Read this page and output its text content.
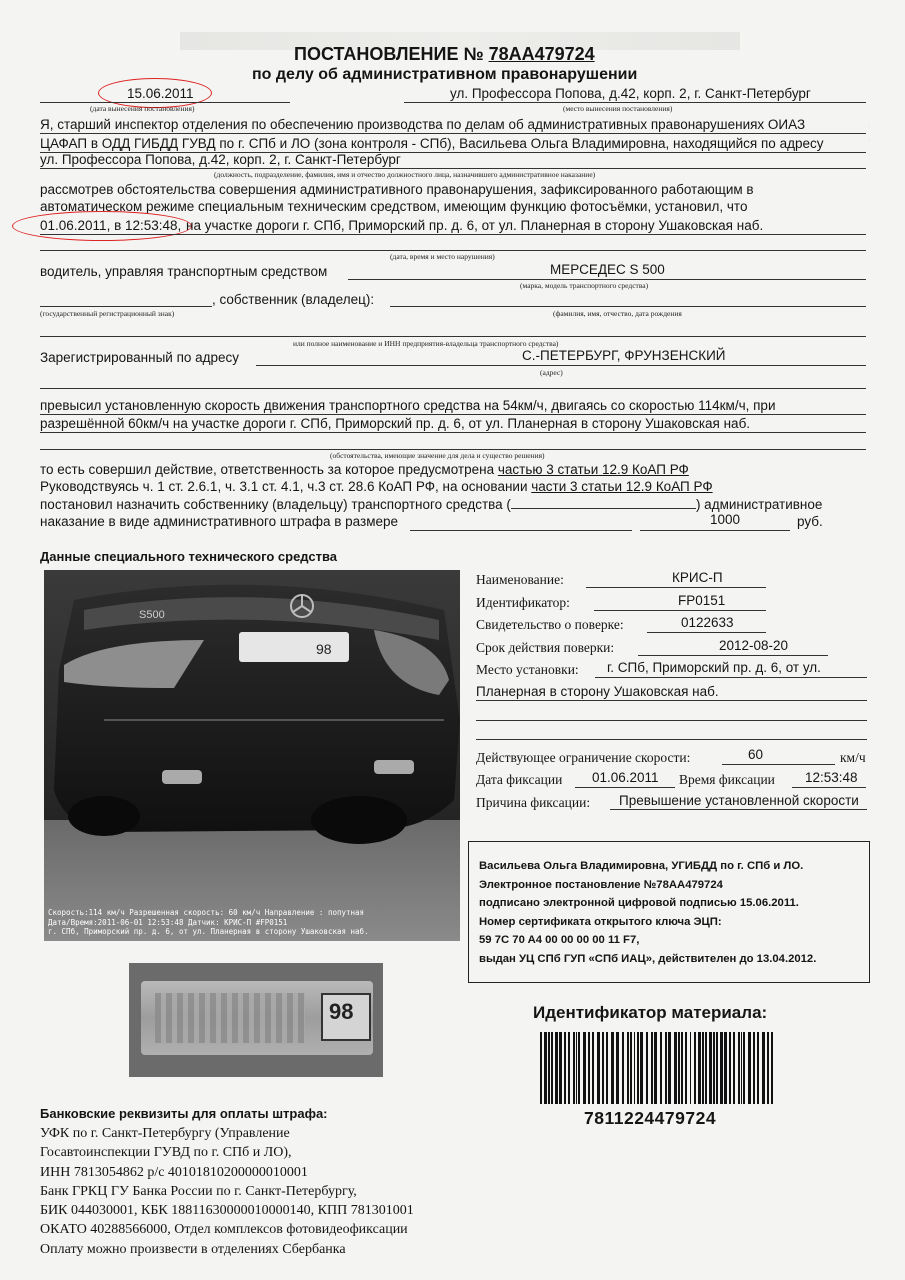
ПОСТАНОВЛЕНИЕ № 78АА479724
по делу об административном правонарушении
15.06.2011
(дата вынесения постановления)
ул. Профессора Попова, д.42, корп. 2, г. Санкт-Петербург
(место вынесения постановления)
Я, старший инспектор отделения по обеспечению производства по делам об административных правонарушениях ОИАЗ
ЦАФАП в ОДД ГИБДД ГУВД по г. СПб и ЛО (зона контроля - СПб), Васильева Ольга Владимировна, находящийся по адресу
ул. Профессора Попова, д.42, корп. 2, г. Санкт-Петербург
(должность, подразделение, фамилия, имя и отчество должностного лица, назначившего административное наказание)
рассмотрев обстоятельства совершения административного правонарушения, зафиксированного работающим в
автоматическом режиме специальным техническим средством, имеющим функцию фотосъёмки, установил, что
01.06.2011, в 12:53:48, на участке дороги г. СПб, Приморский пр. д. 6, от ул. Планерная в сторону Ушаковская наб.
(дата, время и место нарушения)
водитель, управляя транспортным средством	МЕРСЕДЕС S 500
(марка, модель транспортного средства)
, собственник (владелец):
(государственный регистрационный знак)	(фамилия, имя, отчество, дата рождения
или полное наименование и ИНН предприятия-владельца транспортного средства)
Зарегистрированный по адресу	С.-ПЕТЕРБУРГ, ФРУНЗЕНСКИЙ
(адрес)
превысил установленную скорость движения транспортного средства на 54км/ч, двигаясь со скоростью 114км/ч, при
разрешённой 60км/ч на участке дороги г. СПб, Приморский пр. д. 6, от ул. Планерная в сторону Ушаковская наб.
(обстоятельства, имеющие значение для дела и существо решения)
то есть совершил действие, ответственность за которое предусмотрена частью 3 статьи 12.9 КоАП РФ
Руководствуясь ч. 1 ст. 2.6.1, ч. 3.1 ст. 4.1, ч.3 ст. 28.6 КоАП РФ, на основании части 3 статьи 12.9 КоАП РФ
постановил назначить собственнику (владельцу) транспортного средства (	) административное
наказание в виде административного штрафа в размере	1000	руб.
Данные специального технического средства
98
S500
Скорость:114 км/ч Разрешенная скорость: 60 км/ч Направление : попутная
Дата/Время:2011-06-01 12:53:48 Датчик: КРИС-П #FP0151
г. СПб, Приморский пр. д. 6, от ул. Планерная в сторону Ушаковская наб.
Наименование:	КРИС-П
Идентификатор:	FP0151
Свидетельство о поверке:	0122633
Срок действия поверки:	2012-08-20
Место установки: г. СПб, Приморский пр. д. 6, от ул.
Планерная в сторону Ушаковская наб.
Действующее ограничение скорости:	60	км/ч
Дата фиксации 01.06.2011 Время фиксации 12:53:48
Причина фиксации: Превышение установленной скорости
·
·
·
Васильева Ольга Владимировна, УГИБДД по г. СПб и ЛО.
Электронное постановление №78АА479724
подписано электронной цифровой подписью 15.06.2011.
Номер сертификата открытого ключа ЭЦП:
59 7C 70 A4 00 00 00 00 11 F7,
выдан УЦ СПб ГУП «СПб ИАЦ», действителен до 13.04.2012.
98	Идентификатор материала:
7811224479724
Банковские реквизиты для оплаты штрафа:
УФК по г. Санкт-Петербургу (Управление
Госавтоинспекции ГУВД по г. СПб и ЛО),
ИНН 7813054862 р/с 40101810200000010001
Банк ГРКЦ ГУ Банка России по г. Санкт-Петербургу,
БИК 044030001, КБК 18811630000010000140, КПП 781301001
ОКАТО 40288566000, Отдел комплексов фотовидеофиксации
Оплату можно произвести в отделениях Сбербанка
